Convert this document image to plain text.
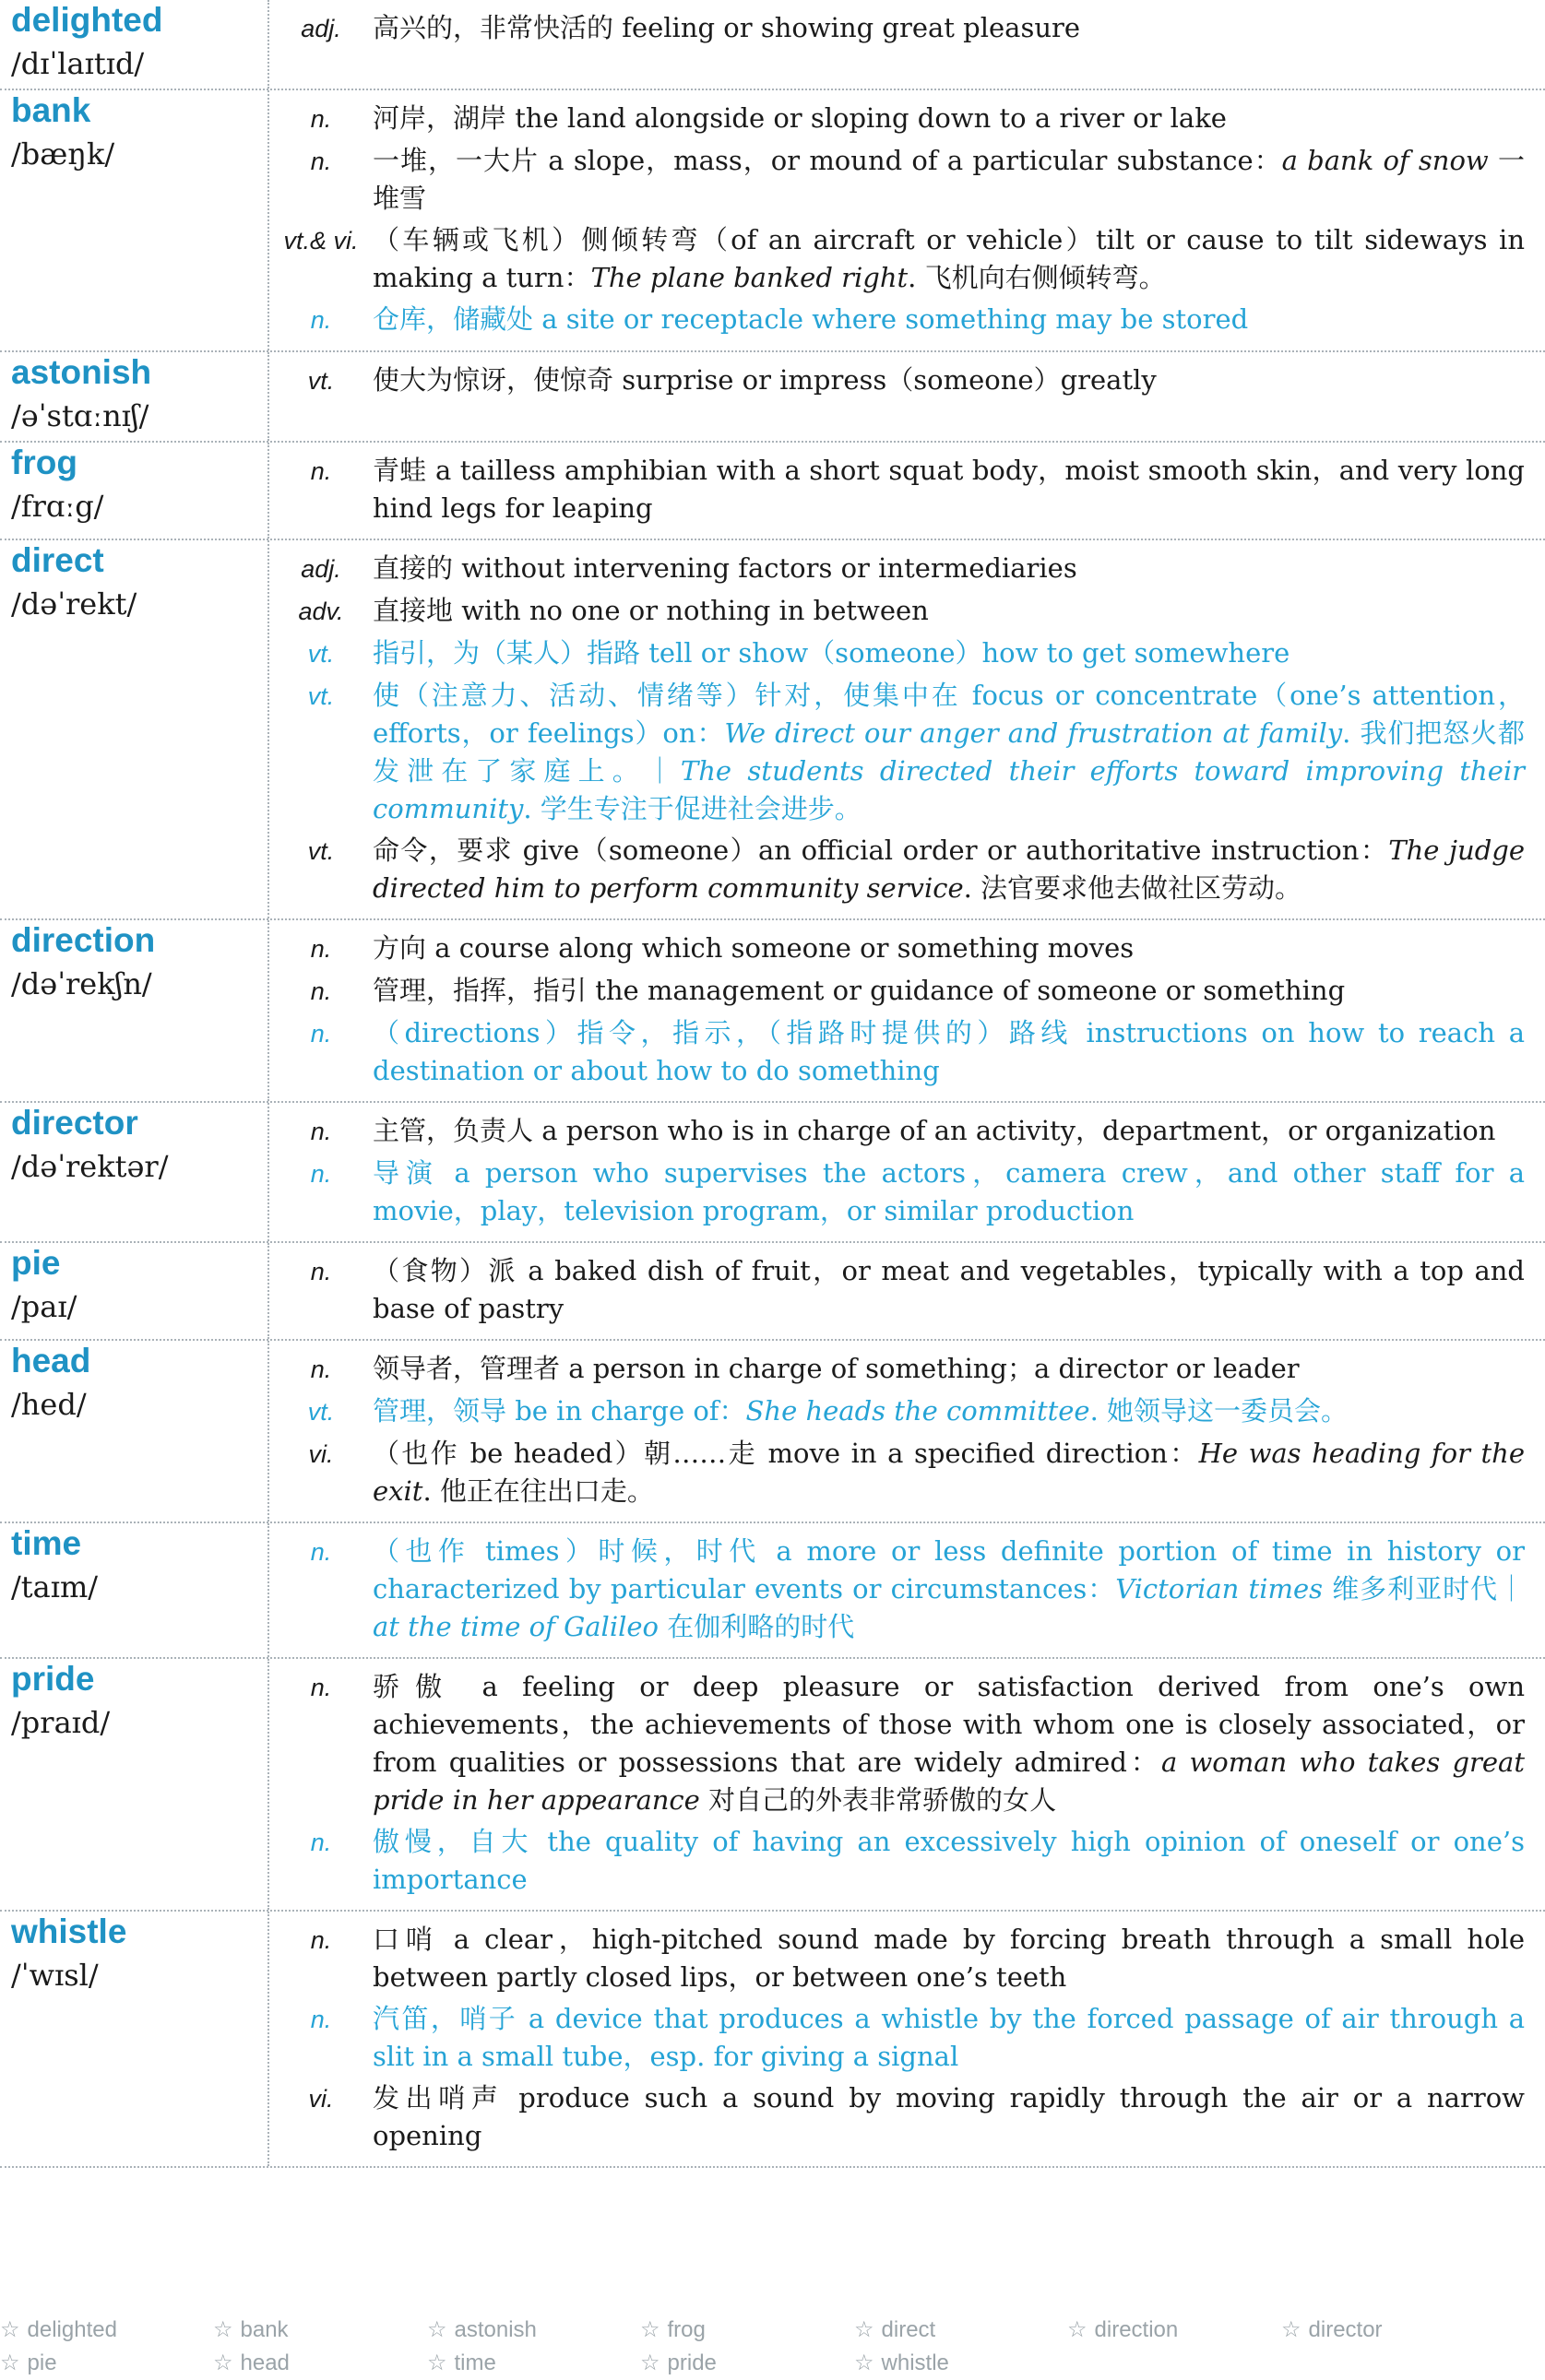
delighted
/dɪˈlaɪtɪd/
adj.	高兴的，非常快活的 feeling or showing great pleasure
bank
/bæŋk/
n.	河岸，湖岸 the land alongside or sloping down to a river or lake
n.	一堆，一大片 a slope，mass，or mound of a particular substance：a bank of snow 一堆雪
vt.& vi. （车辆或飞机）侧倾转弯（of an aircraft or vehicle）tilt or cause to tilt sideways in making a turn：The plane banked right. 飞机向右侧倾转弯。
n.	仓库，储藏处 a site or receptacle where something may be stored
astonish
/əˈstɑːnɪʃ/
vt.	使大为惊讶，使惊奇 surprise or impress（someone）greatly
frog
/frɑːg/
n.	青蛙 a tailless amphibian with a short squat body，moist smooth skin，and very long hind legs for leaping
direct
/dəˈrekt/
adj.	直接的 without intervening factors or intermediaries
adv.	直接地 with no one or nothing in between
vt.	指引，为（某人）指路 tell or show（someone）how to get somewhere
vt.	使（注意力、活动、情绪等）针对，使集中在 focus or concentrate（one’s attention，efforts，or feelings）on：We direct our anger and frustration at family. 我们把怒火都发泄在了家庭上。｜The students directed their efforts toward improving their community. 学生专注于促进社会进步。
vt.	命令，要求 give（someone）an official order or authoritative instruction：The judge directed him to perform community service. 法官要求他去做社区劳动。
direction
/dəˈrekʃn/
n.	方向 a course along which someone or something moves
n.	管理，指挥，指引 the management or guidance of someone or something
n.	（directions）指令，指示，（指路时提供的）路线 instructions on how to reach a destination or about how to do something
director
/dəˈrektər/
n.	主管，负责人 a person who is in charge of an activity，department，or organization
n.	导演 a person who supervises the actors，camera crew，and other staff for a movie，play，television program，or similar production
pie
/paɪ/
n.	（食物）派 a baked dish of fruit，or meat and vegetables，typically with a top and base of pastry
head
/hed/
n.	领导者，管理者 a person in charge of something；a director or leader
vt.	管理，领导 be in charge of：She heads the committee. 她领导这一委员会。
vi.	（也作 be headed）朝……走 move in a specified direction：He was heading for the exit. 他正在往出口走。
time
/taɪm/
n.	（也作 times）时候，时代 a more or less definite portion of time in history or characterized by particular events or circumstances：Victorian times 维多利亚时代｜at the time of Galileo 在伽利略的时代
pride
/praɪd/
n.	骄傲 a feeling or deep pleasure or satisfaction derived from one’s own achievements，the achievements of those with whom one is closely associated，or from qualities or possessions that are widely admired：a woman who takes great pride in her appearance 对自己的外表非常骄傲的女人
n.	傲慢，自大 the quality of having an excessively high opinion of oneself or one’s importance
whistle
/ˈwɪsl/
n.	口哨 a clear，high-pitched sound made by forcing breath through a small hole between partly closed lips，or between one’s teeth
n.	汽笛，哨子 a device that produces a whistle by the forced passage of air through a slit in a small tube，esp. for giving a signal
vi.	发出哨声 produce such a sound by moving rapidly through the air or a narrow opening
☆ delighted	☆ bank	☆ astonish	☆ frog	☆ direct	☆ direction	☆ director
☆ pie	☆ head	☆ time	☆ pride	☆ whistle
